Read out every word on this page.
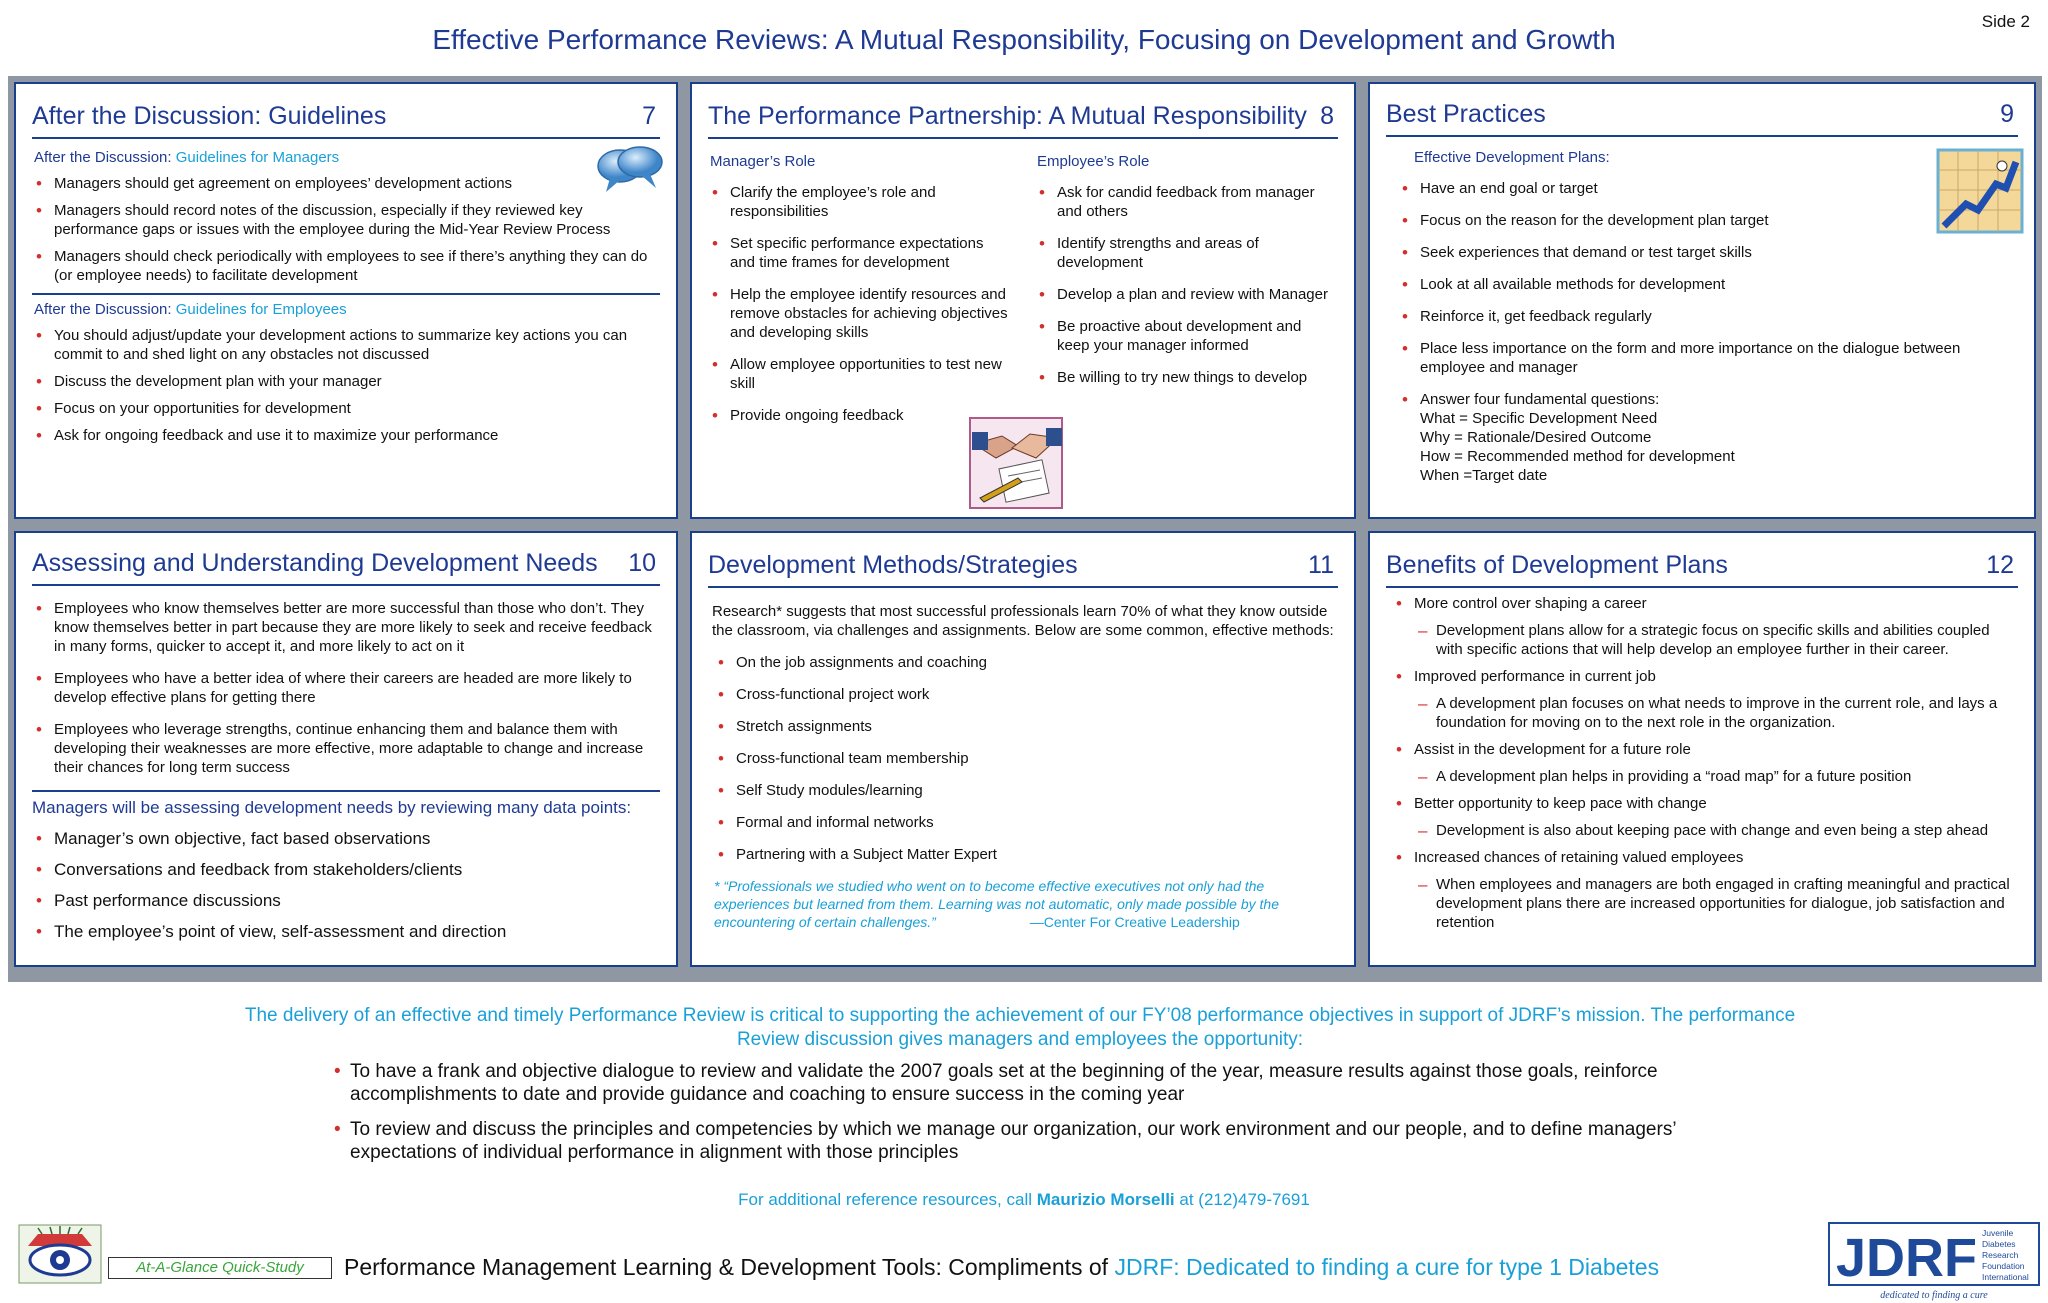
Side 2
Effective Performance Reviews: A Mutual Responsibility, Focusing on Development and Growth
After the Discussion: Guidelines	7
After the Discussion: Guidelines for Managers
• Managers should get agreement on employees’ development actions
• Managers should record notes of the discussion, especially if they reviewed key performance gaps or issues with the employee during the Mid-Year Review Process
• Managers should check periodically with employees to see if there’s anything they can do (or employee needs) to facilitate development
After the Discussion: Guidelines for Employees
• You should adjust/update your development actions to summarize key actions you can commit to and shed light on any obstacles not discussed
• Discuss the development plan with your manager
• Focus on your opportunities for development
• Ask for ongoing feedback and use it to maximize your performance
The Performance Partnership: A Mutual Responsibility 8
Manager’s Role
• Clarify the employee’s role and responsibilities
• Set specific performance expectations and time frames for development
• Help the employee identify resources and remove obstacles for achieving objectives and developing skills
• Allow employee opportunities to test new skill
• Provide ongoing feedback
Employee’s Role
• Ask for candid feedback from manager and others
• Identify strengths and areas of development
• Develop a plan and review with Manager
• Be proactive about development and keep your manager informed
• Be willing to try new things to develop
Best Practices	9
Effective Development Plans:
• Have an end goal or target
• Focus on the reason for the development plan target
• Seek experiences that demand or test target skills
• Look at all available methods for development
• Reinforce it, get feedback regularly
• Place less importance on the form and more importance on the dialogue between employee and manager
• Answer four fundamental questions:
What = Specific Development Need
Why = Rationale/Desired Outcome
How = Recommended method for development
When =Target date
Assessing and Understanding Development Needs 10
• Employees who know themselves better are more successful than those who don’t. They know themselves better in part because they are more likely to seek and receive feedback in many forms, quicker to accept it, and more likely to act on it
• Employees who have a better idea of where their careers are headed are more likely to develop effective plans for getting there
• Employees who leverage strengths, continue enhancing them and balance them with developing their weaknesses are more effective, more adaptable to change and increase their chances for long term success
Managers will be assessing development needs by reviewing many data points:
• Manager’s own objective, fact based observations
• Conversations and feedback from stakeholders/clients
• Past performance discussions
• The employee’s point of view, self-assessment and direction
Development Methods/Strategies	11
Research* suggests that most successful professionals learn 70% of what they know outside the classroom, via challenges and assignments. Below are some common, effective methods:
• On the job assignments and coaching
• Cross-functional project work
• Stretch assignments
• Cross-functional team membership
• Self Study modules/learning
• Formal and informal networks
• Partnering with a Subject Matter Expert
* “Professionals we studied who went on to become effective executives not only had the experiences but learned from them. Learning was not automatic, only made possible by the encountering of certain challenges.”	—Center For Creative Leadership
Benefits of Development Plans	12
• More control over shaping a career
– Development plans allow for a strategic focus on specific skills and abilities coupled with specific actions that will help develop an employee further in their career.
• Improved performance in current job
– A development plan focuses on what needs to improve in the current role, and lays a foundation for moving on to the next role in the organization.
• Assist in the development for a future role
– A development plan helps in providing a “road map” for a future position
• Better opportunity to keep pace with change
– Development is also about keeping pace with change and even being a step ahead
• Increased chances of retaining valued employees
– When employees and managers are both engaged in crafting meaningful and practical development plans there are increased opportunities for dialogue, job satisfaction and retention
The delivery of an effective and timely Performance Review is critical to supporting the achievement of our FY’08 performance objectives in support of JDRF’s mission. The performance Review discussion gives managers and employees the opportunity:
• To have a frank and objective dialogue to review and validate the 2007 goals set at the beginning of the year, measure results against those goals, reinforce accomplishments to date and provide guidance and coaching to ensure success in the coming year
• To review and discuss the principles and competencies by which we manage our organization, our work environment and our people, and to define managers’ expectations of individual performance in alignment with those principles
For additional reference resources, call Maurizio Morselli at (212)479-7691
At-A-Glance Quick-Study	Performance Management Learning & Development Tools: Compliments of JDRF: Dedicated to finding a cure for type 1 Diabetes	JDRF Juvenile
Diabetes
Research
Foundation
International
dedicated to finding a cure
